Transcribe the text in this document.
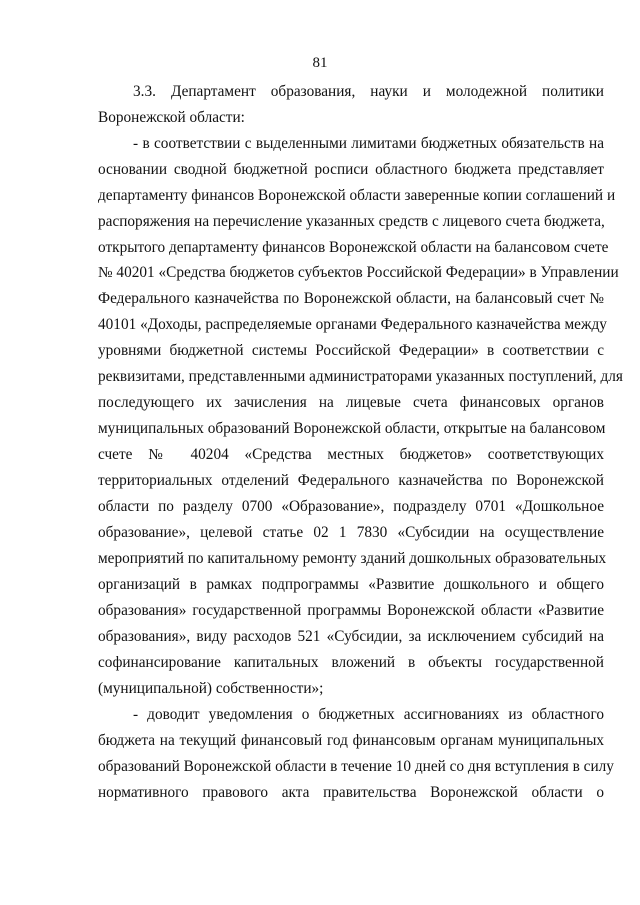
81
3.3. Департамент образования, науки и молодежной политики
Воронежской области:
- в соответствии с выделенными лимитами бюджетных обязательств на
основании сводной бюджетной росписи областного бюджета представляет
департаменту финансов Воронежской области заверенные копии соглашений и
распоряжения на перечисление указанных средств с лицевого счета бюджета,
открытого департаменту финансов Воронежской области на балансовом счете
№ 40201 «Средства бюджетов субъектов Российской Федерации» в Управлении
Федерального казначейства по Воронежской области, на балансовый счет №
40101 «Доходы, распределяемые органами Федерального казначейства между
уровнями бюджетной системы Российской Федерации» в соответствии с
реквизитами, представленными администраторами указанных поступлений, для
последующего их зачисления на лицевые счета финансовых органов
муниципальных образований Воронежской области, открытые на балансовом
счете № 40204 «Средства местных бюджетов» соответствующих
территориальных отделений Федерального казначейства по Воронежской
области по разделу 0700 «Образование», подразделу 0701 «Дошкольное
образование», целевой статье 02 1 7830 «Субсидии на осуществление
мероприятий по капитальному ремонту зданий дошкольных образовательных
организаций в рамках подпрограммы «Развитие дошкольного и общего
образования» государственной программы Воронежской области «Развитие
образования», виду расходов 521 «Субсидии, за исключением субсидий на
софинансирование капитальных вложений в объекты государственной
(муниципальной) собственности»;
- доводит уведомления о бюджетных ассигнованиях из областного
бюджета на текущий финансовый год финансовым органам муниципальных
образований Воронежской области в течение 10 дней со дня вступления в силу
нормативного правового акта правительства Воронежской области о
